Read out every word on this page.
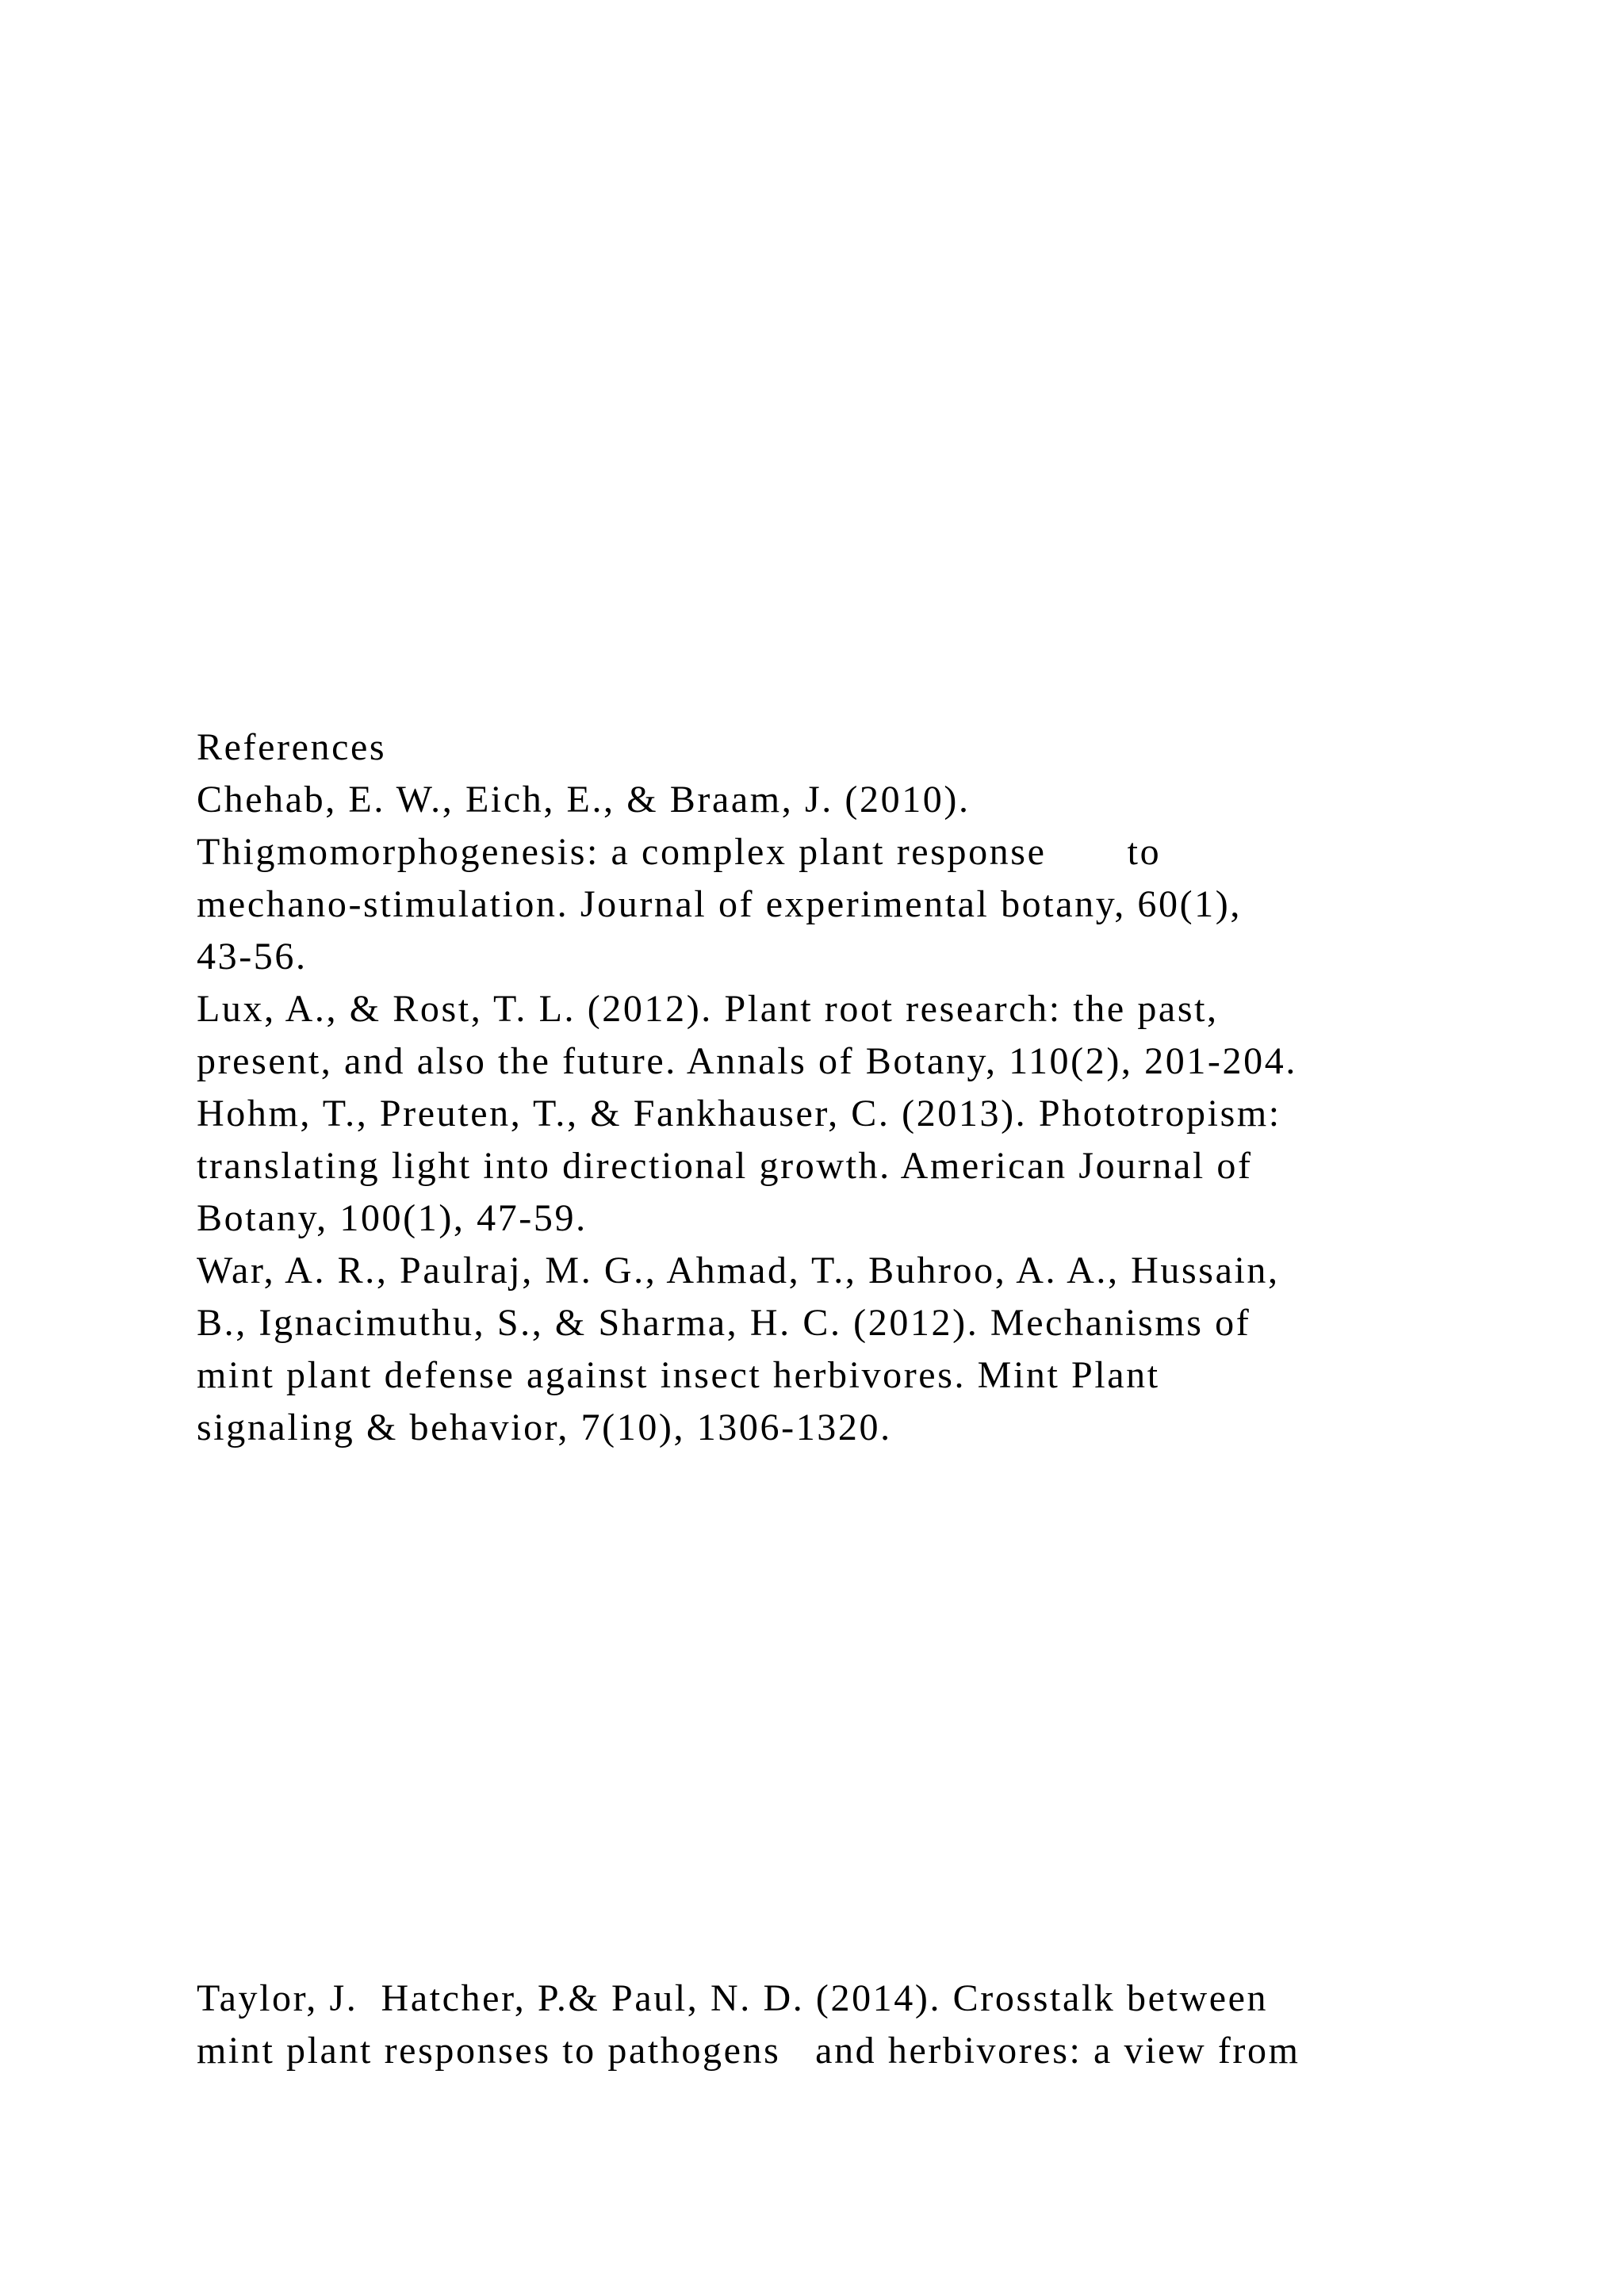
References
Chehab, E. W., Eich, E., & Braam, J. (2010).
Thigmomorphogenesis: a complex plant response       to
mechano-stimulation. Journal of experimental botany, 60(1),
43-56.
Lux, A., & Rost, T. L. (2012). Plant root research: the past,
present, and also the future. Annals of Botany, 110(2), 201-204.
Hohm, T., Preuten, T., & Fankhauser, C. (2013). Phototropism:
translating light into directional growth. American Journal of
Botany, 100(1), 47-59.
War, A. R., Paulraj, M. G., Ahmad, T., Buhroo, A. A., Hussain,
B., Ignacimuthu, S., & Sharma, H. C. (2012). Mechanisms of
mint plant defense against insect herbivores. Mint Plant
signaling & behavior, 7(10), 1306-1320.
Taylor, J.  Hatcher, P.& Paul, N. D. (2014). Crosstalk between
mint plant responses to pathogens   and herbivores: a view from
